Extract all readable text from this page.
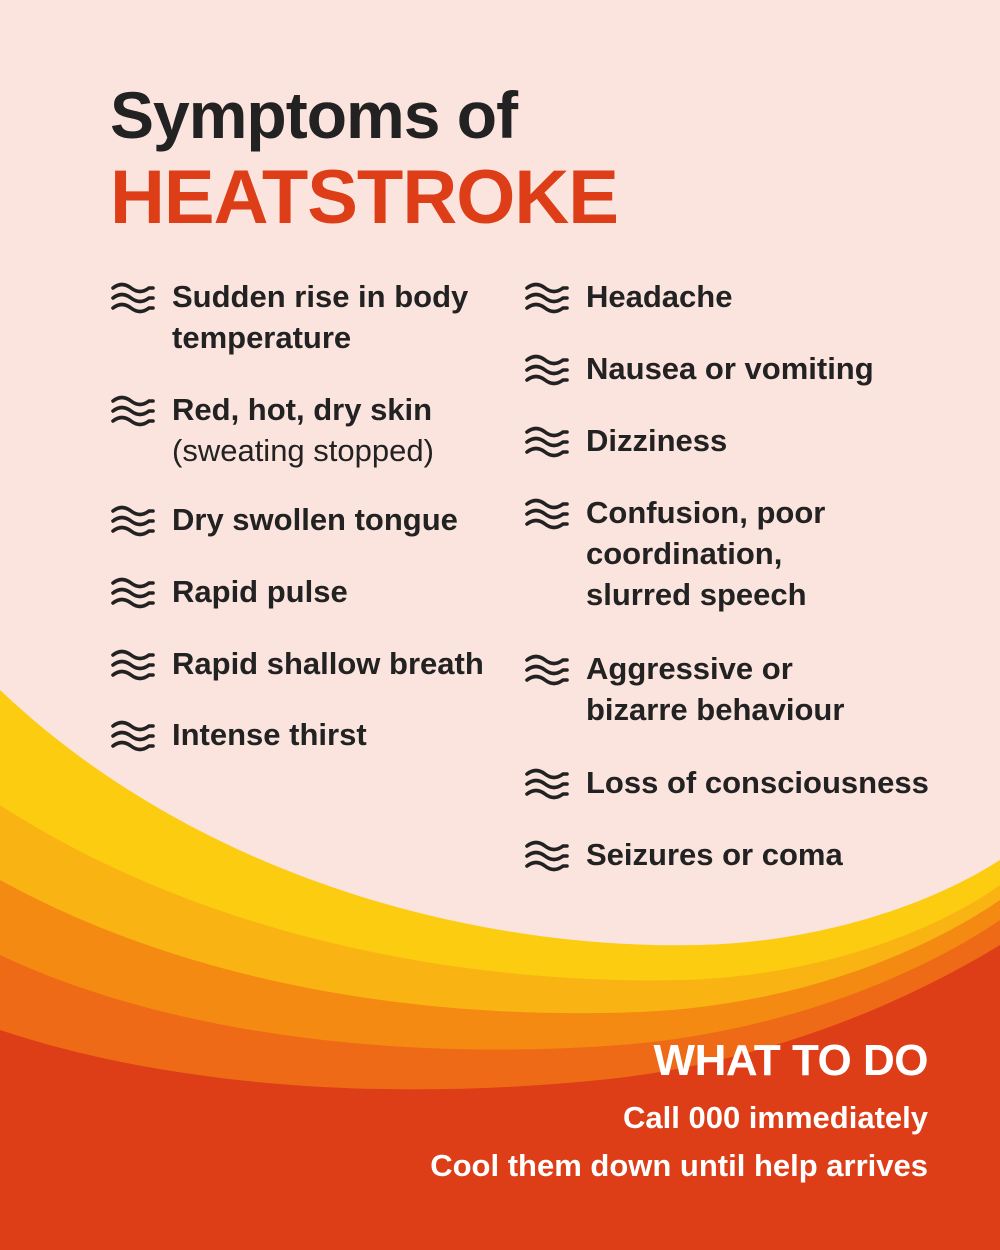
Symptoms of
HEATSTROKE
Sudden rise in body
temperature
Red, hot, dry skin
(sweating stopped)
Dry swollen tongue
Rapid pulse
Rapid shallow breath
Intense thirst
Headache
Nausea or vomiting
Dizziness
Confusion, poor
coordination,
slurred speech
Aggressive or
bizarre behaviour
Loss of consciousness
Seizures or coma

WHAT TO DO

Call 000 immediately

Cool them down until help arrives
